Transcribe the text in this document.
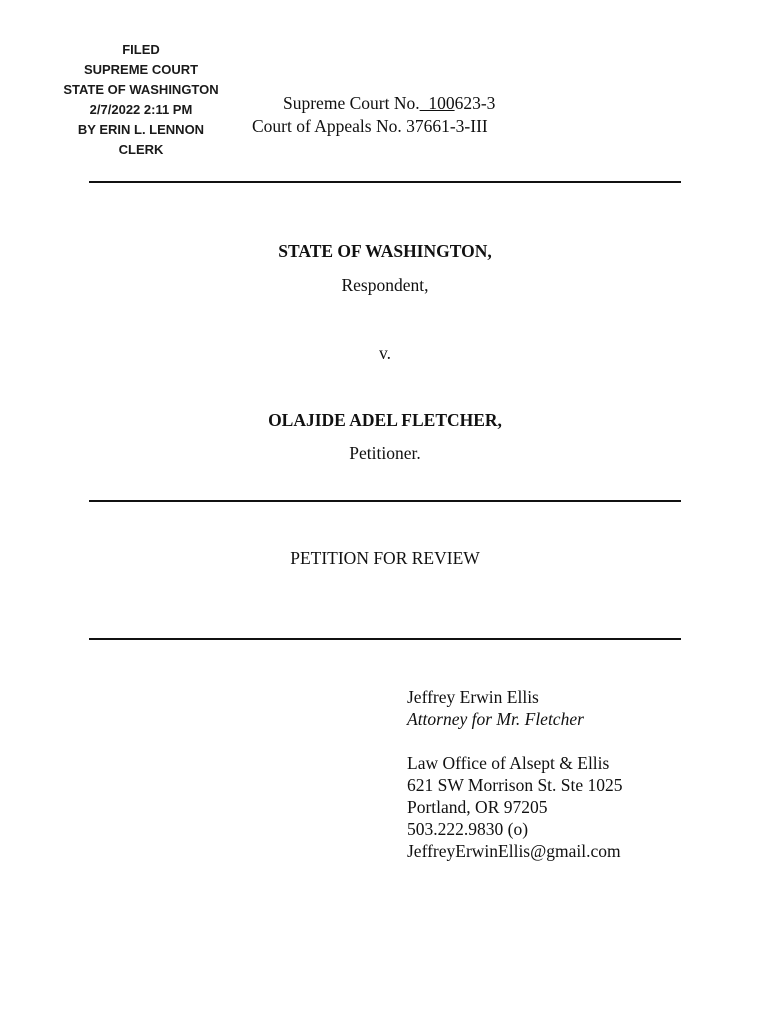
FILED
SUPREME COURT
STATE OF WASHINGTON
2/7/2022 2:11 PM
BY ERIN L. LENNON
CLERK
Supreme Court No.  100623-3
Court of Appeals No. 37661-3-III
STATE OF WASHINGTON,
Respondent,
v.
OLAJIDE ADEL FLETCHER,
Petitioner.
PETITION FOR REVIEW
Jeffrey Erwin Ellis
Attorney for Mr. Fletcher
Law Office of Alsept & Ellis
621 SW Morrison St. Ste 1025
Portland, OR 97205
503.222.9830 (o)
JeffreyErwinEllis@gmail.com
